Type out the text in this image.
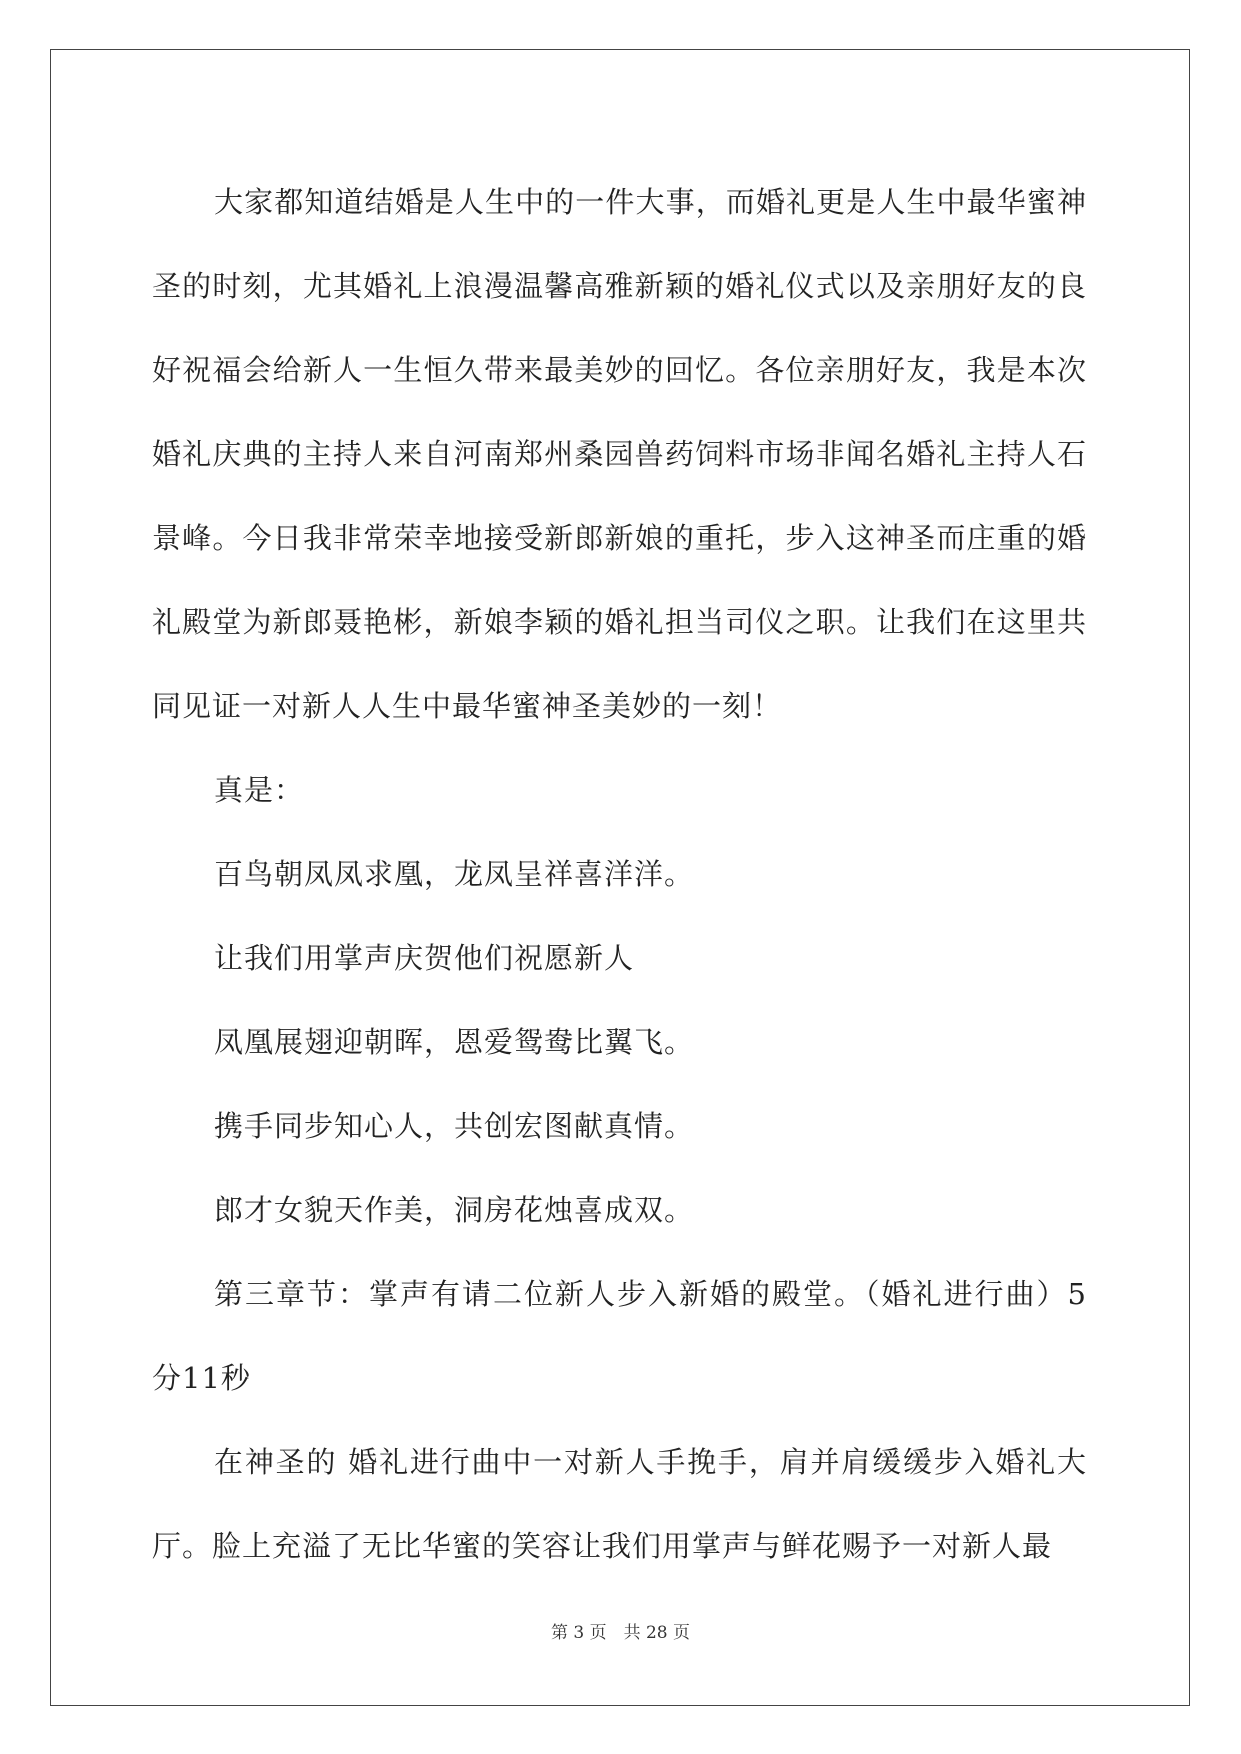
大家都知道结婚是人生中的一件大事，而婚礼更是人生中最华蜜神圣的时刻，尤其婚礼上浪漫温馨高雅新颖的婚礼仪式以及亲朋好友的良好祝福会给新人一生恒久带来最美妙的回忆。各位亲朋好友，我是本次婚礼庆典的主持人来自河南郑州桑园兽药饲料市场非闻名婚礼主持人石景峰。今日我非常荣幸地接受新郎新娘的重托，步入这神圣而庄重的婚礼殿堂为新郎聂艳彬，新娘李颖的婚礼担当司仪之职。让我们在这里共同见证一对新人人生中最华蜜神圣美妙的一刻！

真是：

百鸟朝凤凤求凰，龙凤呈祥喜洋洋。

让我们用掌声庆贺他们祝愿新人

凤凰展翅迎朝晖，恩爱鸳鸯比翼飞。

携手同步知心人，共创宏图献真情。

郎才女貌天作美，洞房花烛喜成双。

第三章节：掌声有请二位新人步入新婚的殿堂。（婚礼进行曲）5分11秒

在神圣的 婚礼进行曲中一对新人手挽手，肩并肩缓缓步入婚礼大厅。脸上充溢了无比华蜜的笑容让我们用掌声与鲜花赐予一对新人最

第 3 页　共 28 页
